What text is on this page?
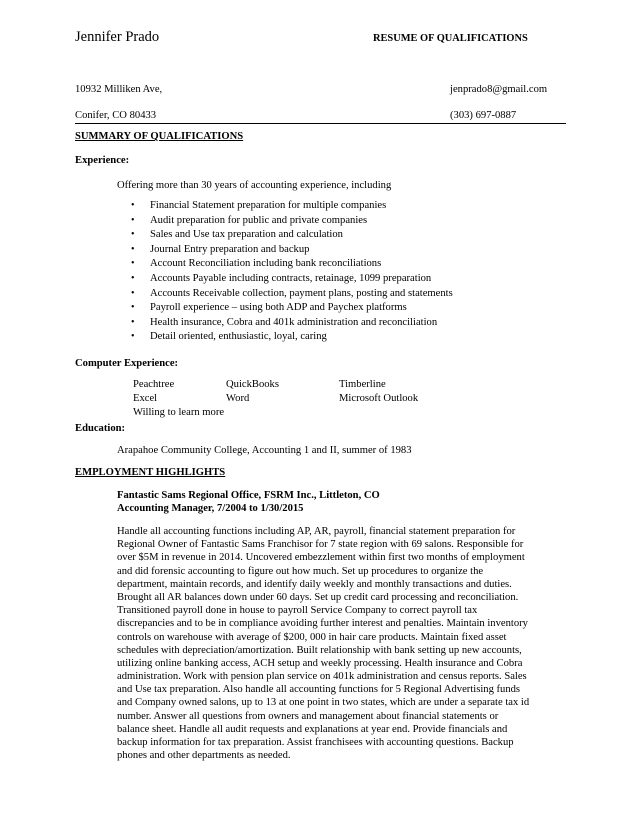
Jennifer Prado	RESUME OF QUALIFICATIONS
10932 Milliken Ave,	jenprado8@gmail.com
Conifer, CO 80433	(303) 697-0887
SUMMARY OF QUALIFICATIONS
Experience:
Offering more than 30 years of accounting experience, including
• Financial Statement preparation for multiple companies
• Audit preparation for public and private companies
• Sales and Use tax preparation and calculation
• Journal Entry preparation and backup
• Account Reconciliation including bank reconciliations
• Accounts Payable including contracts, retainage, 1099 preparation
• Accounts Receivable collection, payment plans, posting and statements
• Payroll experience – using both ADP and Paychex platforms
• Health insurance, Cobra and 401k administration and reconciliation
• Detail oriented, enthusiastic, loyal, caring
Computer Experience:
Peachtree	QuickBooks	Timberline
Excel	Word	Microsoft Outlook
Willing to learn more
Education:
Arapahoe Community College, Accounting 1 and II, summer of 1983
EMPLOYMENT HIGHLIGHTS
Fantastic Sams Regional Office, FSRM Inc., Littleton, CO
Accounting Manager, 7/2004 to 1/30/2015
Handle all accounting functions including AP, AR, payroll, financial statement preparation for
Regional Owner of Fantastic Sams Franchisor for 7 state region with 69 salons. Responsible for
over $5M in revenue in 2014. Uncovered embezzlement within first two months of employment
and did forensic accounting to figure out how much. Set up procedures to organize the
department, maintain records, and identify daily weekly and monthly transactions and duties.
Brought all AR balances down under 60 days. Set up credit card processing and reconciliation.
Transitioned payroll done in house to payroll Service Company to correct payroll tax
discrepancies and to be in compliance avoiding further interest and penalties. Maintain inventory
controls on warehouse with average of $200, 000 in hair care products. Maintain fixed asset
schedules with depreciation/amortization. Built relationship with bank setting up new accounts,
utilizing online banking access, ACH setup and weekly processing. Health insurance and Cobra
administration. Work with pension plan service on 401k administration and census reports. Sales
and Use tax preparation. Also handle all accounting functions for 5 Regional Advertising funds
and Company owned salons, up to 13 at one point in two states, which are under a separate tax id
number. Answer all questions from owners and management about financial statements or
balance sheet. Handle all audit requests and explanations at year end. Provide financials and
backup information for tax preparation. Assist franchisees with accounting questions. Backup
phones and other departments as needed.
